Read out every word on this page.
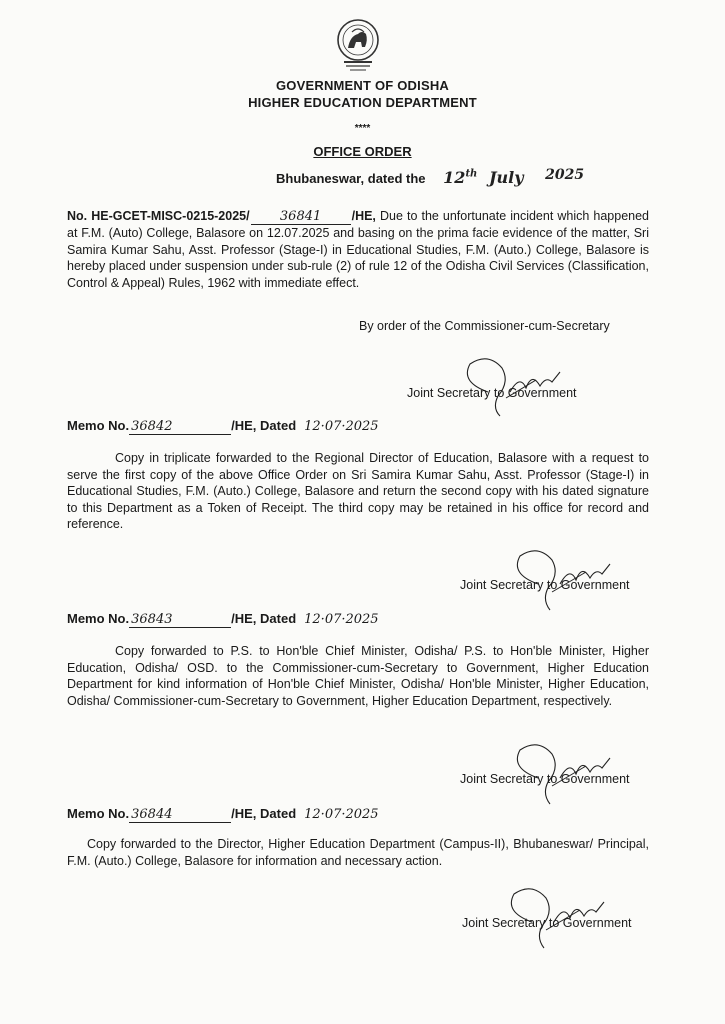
GOVERNMENT OF ODISHA
HIGHER EDUCATION DEPARTMENT
****
OFFICE ORDER
Bhubaneswar, dated the 12th July 2025
No. HE-GCET-MISC-0215-2025/ 36841 /HE, Due to the unfortunate incident which happened at F.M. (Auto) College, Balasore on 12.07.2025 and basing on the prima facie evidence of the matter, Sri Samira Kumar Sahu, Asst. Professor (Stage-I) in Educational Studies, F.M. (Auto.) College, Balasore is hereby placed under suspension under sub-rule (2) of rule 12 of the Odisha Civil Services (Classification, Control & Appeal) Rules, 1962 with immediate effect.
By order of the Commissioner-cum-Secretary
Joint Secretary to Government
Memo No. 36842	/HE, Dated 12·07·2025
Copy in triplicate forwarded to the Regional Director of Education, Balasore with a request to serve the first copy of the above Office Order on Sri Samira Kumar Sahu, Asst. Professor (Stage-I) in Educational Studies, F.M. (Auto.) College, Balasore and return the second copy with his dated signature to this Department as a Token of Receipt. The third copy may be retained in his office for record and reference.
Joint Secretary to Government
Memo No. 36843	/HE, Dated 12·07·2025
Copy forwarded to P.S. to Hon'ble Chief Minister, Odisha/ P.S. to Hon'ble Minister, Higher Education, Odisha/ OSD. to the Commissioner-cum-Secretary to Government, Higher Education Department for kind information of Hon'ble Chief Minister, Odisha/ Hon'ble Minister, Higher Education, Odisha/ Commissioner-cum-Secretary to Government, Higher Education Department, respectively.
Joint Secretary to Government
Memo No. 36844	/HE, Dated 12·07·2025
Copy forwarded to the Director, Higher Education Department (Campus-II), Bhubaneswar/ Principal, F.M. (Auto.) College, Balasore for information and necessary action.
Joint Secretary to Government
